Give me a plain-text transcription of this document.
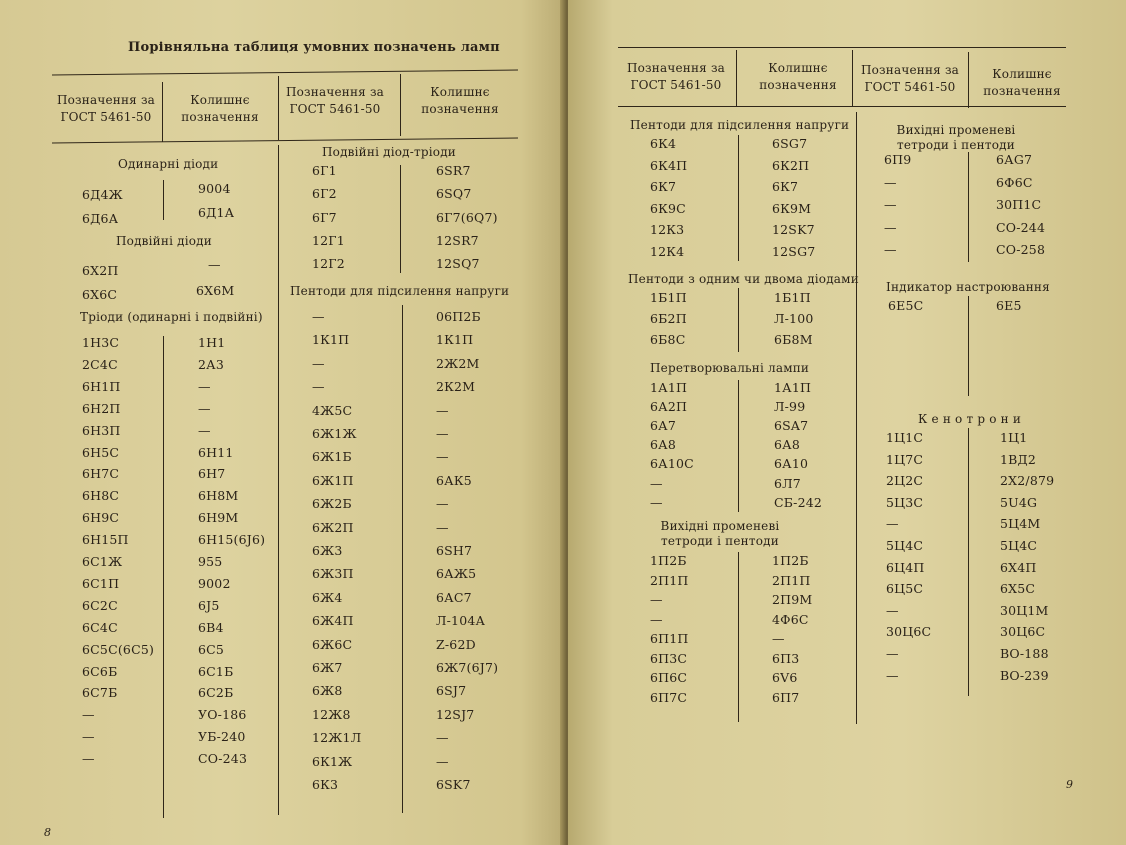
Порівняльна таблиця умовних позначень ламп
Позначення за ГОСТ 5461-50
Колишнє позначення
Позначення за ГОСТ 5461-50
Колишнє позначення
Одинарні діоди
Подвійні діоди
Тріоди (одинарні і подвійні)
Подвійні діод-тріоди
Пентоди для підсилення напруги
6Д4Ж	9004
6Д6А	6Д1А
6Х2П	—
6Х6С	6Х6М
1Н3С	1Н1
2С4С	2А3
6Н1П	—
6Н2П	—
6Н3П	—
6Н5С	6Н11
6Н7С	6Н7
6Н8С	6Н8М
6Н9С	6Н9М
6Н15П	6Н15(6J6)
6С1Ж	955
6С1П	9002
6С2С	6J5
6С4С	6В4
6С5С(6С5)	6С5
6С6Б	6С1Б
6С7Б	6С2Б
—	УО-186
—	УБ-240
—	СО-243
6Г1	6SR7
6Г2	6SQ7
6Г7	6Г7(6Q7)
12Г1	12SR7
12Г2	12SQ7
—	06П2Б
1К1П	1К1П
—	2Ж2М
—	2К2М
4Ж5С	—
6Ж1Ж	—
6Ж1Б	—
6Ж1П	6АК5
6Ж2Б	—
6Ж2П	—
6Ж3	6SH7
6Ж3П	6АЖ5
6Ж4	6АС7
6Ж4П	Л-104А
6Ж6С	Z-62D
6Ж7	6Ж7(6J7)
6Ж8	6SJ7
12Ж8	12SJ7
12Ж1Л	—
6К1Ж	—
6К3	6SK7
8
Позначення за ГОСТ 5461-50
Колишнє позначення
Позначення за ГОСТ 5461-50
Колишнє позначення
Пентоди для підсилення напруги
Пентоди з одним чи двома діодами
Перетворювальні лампи
Вихідні променеві тетроди і пентоди
Вихідні променеві тетроди і пентоди
Індикатор настроювання
К е н о т р о н и
6К4	6SG7
6К4П	6К2П
6К7	6К7
6К9С	6К9М
12К3	12SK7
12К4	12SG7
1Б1П	1Б1П
6Б2П	Л-100
6Б8С	6Б8М
1А1П	1А1П
6А2П	Л-99
6А7	6SA7
6А8	6А8
6А10С	6А10
—	6Л7
—	СБ-242
1П2Б	1П2Б
2П1П	2П1П
—	2П9М
—	4Ф6С
6П1П	—
6П3С	6П3
6П6С	6V6
6П7С	6П7
6П9	6АG7
—	6Ф6С
—	30П1С
—	СО-244
—	СО-258
6Е5С	6Е5
1Ц1С	1Ц1
1Ц7С	1ВД2
2Ц2С	2Х2/879
5Ц3С	5U4G
—	5Ц4М
5Ц4С	5Ц4С
6Ц4П	6Х4П
6Ц5С	6Х5С
—	30Ц1М
30Ц6С	30Ц6С
—	ВО-188
—	ВО-239
9
